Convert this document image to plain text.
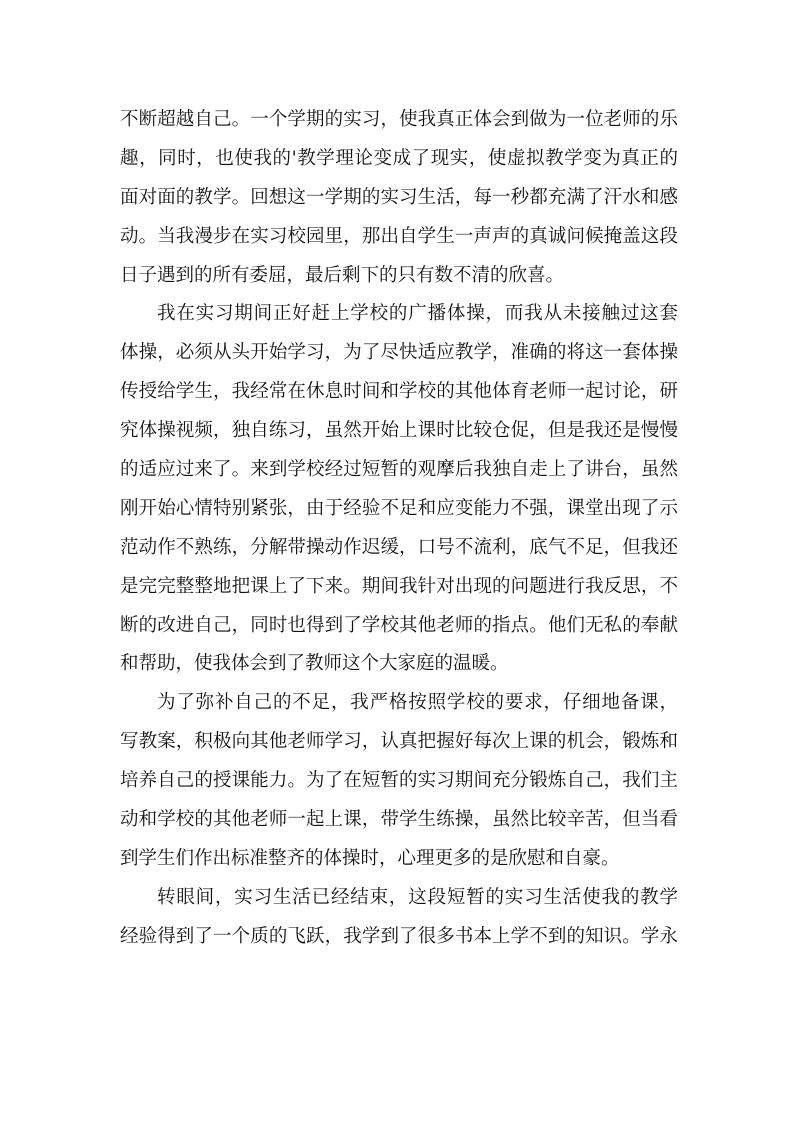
不断超越自己。一个学期的实习，使我真正体会到做为一位老师的乐
趣，同时，也使我的'教学理论变成了现实，使虚拟教学变为真正的
面对面的教学。回想这一学期的实习生活，每一秒都充满了汗水和感
动。当我漫步在实习校园里，那出自学生一声声的真诚问候掩盖这段
日子遇到的所有委屈，最后剩下的只有数不清的欣喜。
我在实习期间正好赶上学校的广播体操，而我从未接触过这套
体操，必须从头开始学习，为了尽快适应教学，准确的将这一套体操
传授给学生，我经常在休息时间和学校的其他体育老师一起讨论，研
究体操视频，独自练习，虽然开始上课时比较仓促，但是我还是慢慢
的适应过来了。来到学校经过短暂的观摩后我独自走上了讲台，虽然
刚开始心情特别紧张，由于经验不足和应变能力不强，课堂出现了示
范动作不熟练，分解带操动作迟缓，口号不流利，底气不足，但我还
是完完整整地把课上了下来。期间我针对出现的问题进行我反思，不
断的改进自己，同时也得到了学校其他老师的指点。他们无私的奉献
和帮助，使我体会到了教师这个大家庭的温暖。
为了弥补自己的不足，我严格按照学校的要求，仔细地备课，
写教案，积极向其他老师学习，认真把握好每次上课的机会，锻炼和
培养自己的授课能力。为了在短暂的实习期间充分锻炼自己，我们主
动和学校的其他老师一起上课，带学生练操，虽然比较辛苦，但当看
到学生们作出标准整齐的体操时，心理更多的是欣慰和自豪。
转眼间，实习生活已经结束，这段短暂的实习生活使我的教学
经验得到了一个质的飞跃，我学到了很多书本上学不到的知识。学永
